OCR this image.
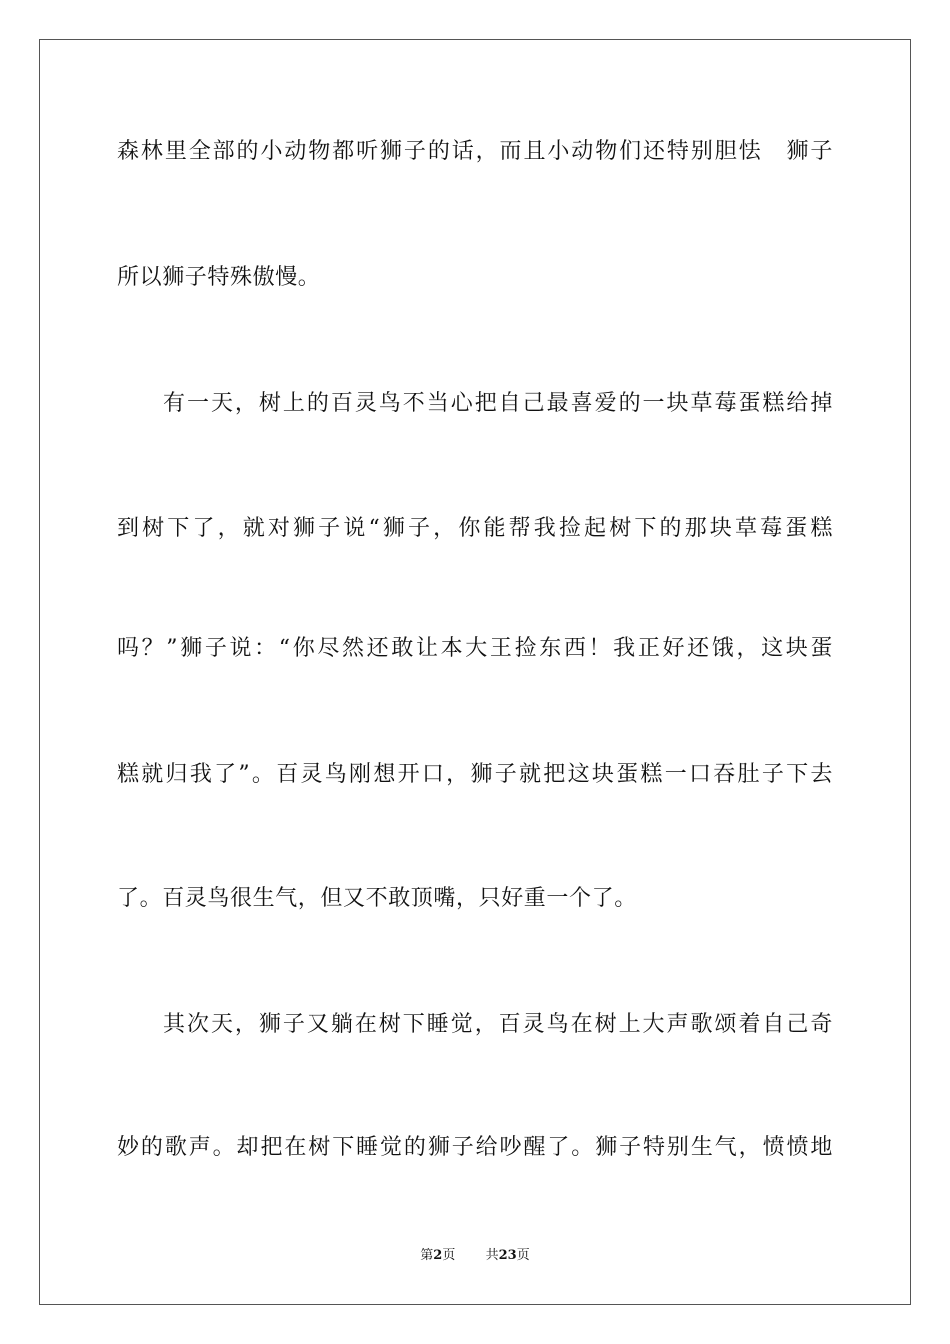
森林里全部的小动物都听狮子的话，而且小动物们还特别胆怯　狮子
所以狮子特殊傲慢。
有一天，树上的百灵鸟不当心把自己最喜爱的一块草莓蛋糕给掉
到树下了，就对狮子说“狮子，你能帮我捡起树下的那块草莓蛋糕
吗？”狮子说：“你尽然还敢让本大王捡东西！我正好还饿，这块蛋
糕就归我了”。百灵鸟刚想开口，狮子就把这块蛋糕一口吞肚子下去
了。百灵鸟很生气，但又不敢顶嘴，只好重一个了。
其次天，狮子又躺在树下睡觉，百灵鸟在树上大声歌颂着自己奇
妙的歌声。却把在树下睡觉的狮子给吵醒了。狮子特别生气，愤愤地
第2页 共23页
